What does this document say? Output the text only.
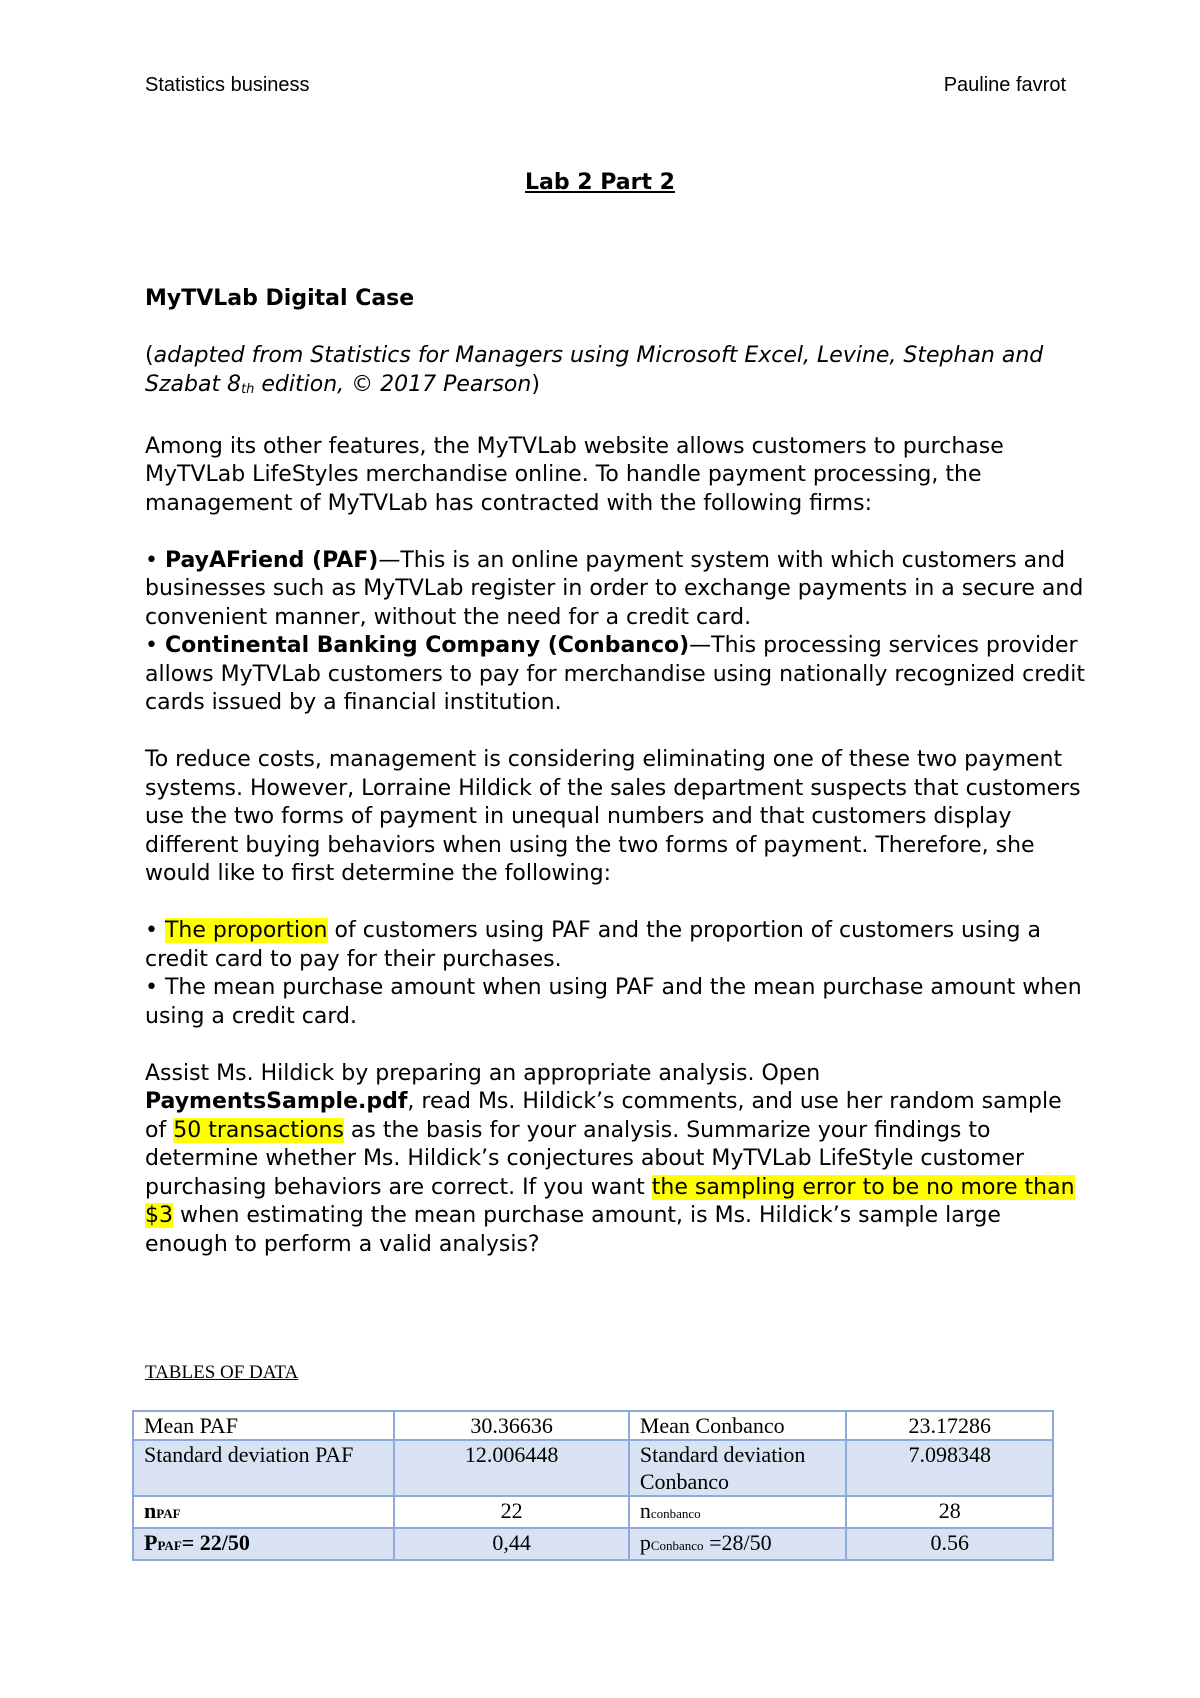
Statistics business	Pauline favrot
Lab 2 Part 2

MyTVLab Digital Case

(adapted from Statistics for Managers using Microsoft Excel, Levine, Stephan and Szabat 8th edition, © 2017 Pearson)

Among its other features, the MyTVLab website allows customers to purchase MyTVLab LifeStyles merchandise online. To handle payment processing, the management of MyTVLab has contracted with the following firms:

• PayAFriend (PAF)—This is an online payment system with which customers and businesses such as MyTVLab register in order to exchange payments in a secure and convenient manner, without the need for a credit card.

• Continental Banking Company (Conbanco)—This processing services provider allows MyTVLab customers to pay for merchandise using nationally recognized credit cards issued by a financial institution.

To reduce costs, management is considering eliminating one of these two payment systems. However, Lorraine Hildick of the sales department suspects that customers use the two forms of payment in unequal numbers and that customers display different buying behaviors when using the two forms of payment. Therefore, she would like to first determine the following:

• The proportion of customers using PAF and the proportion of customers using a credit card to pay for their purchases.

• The mean purchase amount when using PAF and the mean purchase amount when using a credit card.

Assist Ms. Hildick by preparing an appropriate analysis. Open PaymentsSample.pdf, read Ms. Hildick’s comments, and use her random sample of 50 transactions as the basis for your analysis. Summarize your findings to determine whether Ms. Hildick’s conjectures about MyTVLab LifeStyle customer purchasing behaviors are correct. If you want the sampling error to be no more than $3 when estimating the mean purchase amount, is Ms. Hildick’s sample large enough to perform a valid analysis?

TABLES OF DATA
Mean PAF	30.36636	Mean Conbanco	23.17286
Standard deviation PAF	12.006448	Standard deviation Conbanco	7.098348
nPAF	22	nconbanco	28
PPAF= 22/50	0,44	pConbanco =28/50	0.56
